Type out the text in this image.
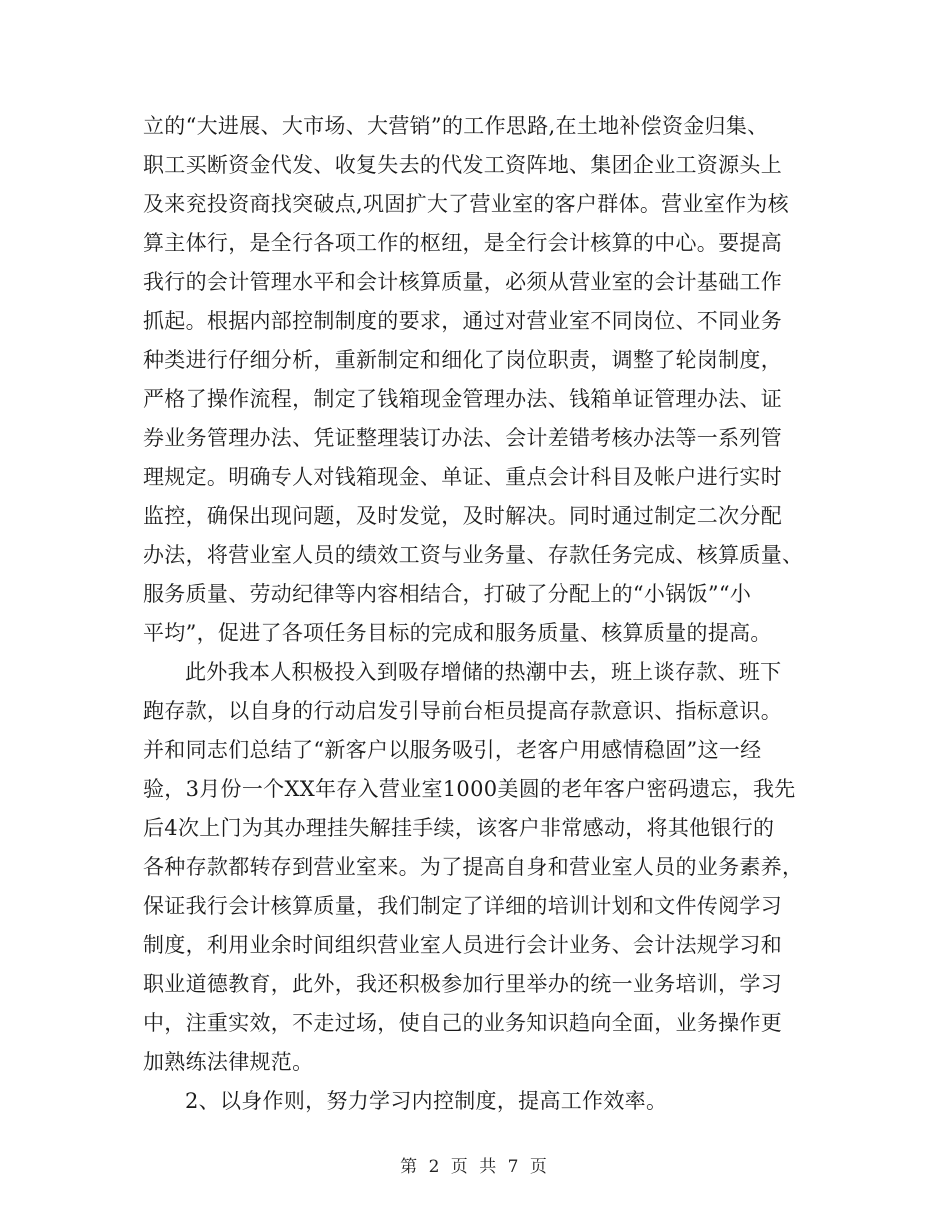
立的“大进展、大市场、大营销”的工作思路,在土地补偿资金归集、
职工买断资金代发、收复失去的代发工资阵地、集团企业工资源头上
及来兖投资商找突破点,巩固扩大了营业室的客户群体。营业室作为核
算主体行，是全行各项工作的枢纽，是全行会计核算的中心。要提高
我行的会计管理水平和会计核算质量，必须从营业室的会计基础工作
抓起。根据内部控制制度的要求，通过对营业室不同岗位、不同业务
种类进行仔细分析，重新制定和细化了岗位职责，调整了轮岗制度，
严格了操作流程，制定了钱箱现金管理办法、钱箱单证管理办法、证
券业务管理办法、凭证整理装订办法、会计差错考核办法等一系列管
理规定。明确专人对钱箱现金、单证、重点会计科目及帐户进行实时
监控，确保出现问题，及时发觉，及时解决。同时通过制定二次分配
办法，将营业室人员的绩效工资与业务量、存款任务完成、核算质量、
服务质量、劳动纪律等内容相结合，打破了分配上的“小锅饭”“小
平均”，促进了各项任务目标的完成和服务质量、核算质量的提高。
此外我本人积极投入到吸存增储的热潮中去，班上谈存款、班下
跑存款，以自身的行动启发引导前台柜员提高存款意识、指标意识。
并和同志们总结了“新客户以服务吸引，老客户用感情稳固”这一经
验，3月份一个XX年存入营业室1000美圆的老年客户密码遗忘，我先
后4次上门为其办理挂失解挂手续，该客户非常感动，将其他银行的
各种存款都转存到营业室来。为了提高自身和营业室人员的业务素养，
保证我行会计核算质量，我们制定了详细的培训计划和文件传阅学习
制度，利用业余时间组织营业室人员进行会计业务、会计法规学习和
职业道德教育，此外，我还积极参加行里举办的统一业务培训，学习
中，注重实效，不走过场，使自己的业务知识趋向全面，业务操作更
加熟练法律规范。
2、以身作则，努力学习内控制度，提高工作效率。
第 2 页 共 7 页
